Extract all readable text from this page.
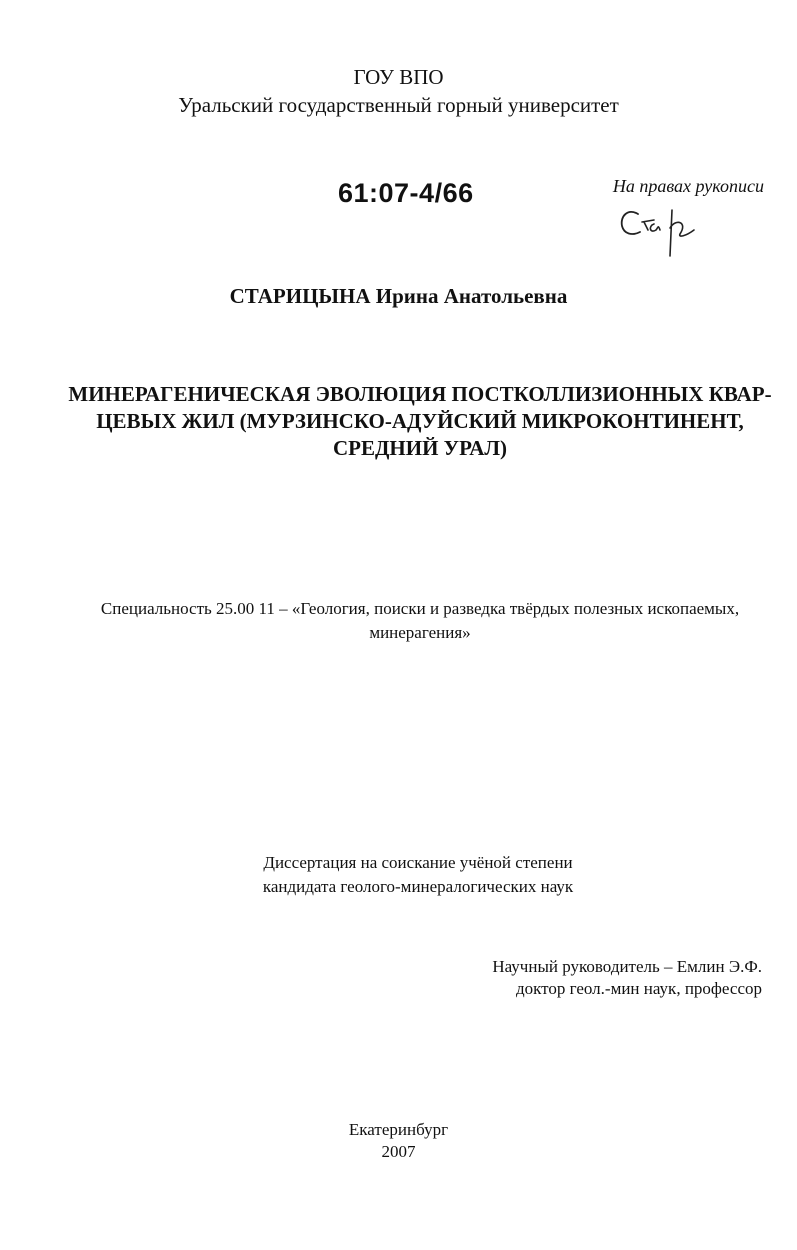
ГОУ ВПО
Уральский государственный горный университет
61:07-4/66	На правах рукописи
СТАРИЦЫНА Ирина Анатольевна
МИНЕРАГЕНИЧЕСКАЯ ЭВОЛЮЦИЯ ПОСТКОЛЛИЗИОННЫХ КВАР-
ЦЕВЫХ ЖИЛ (МУРЗИНСКО-АДУЙСКИЙ МИКРОКОНТИНЕНТ,
СРЕДНИЙ УРАЛ)
Специальность 25.00 11 – «Геология, поиски и разведка твёрдых полезных ископаемых,
минерагения»
Диссертация на соискание учёной степени
кандидата геолого-минералогических наук
Научный руководитель – Емлин Э.Ф.
доктор геол.-мин наук, профессор
Екатеринбург
2007
